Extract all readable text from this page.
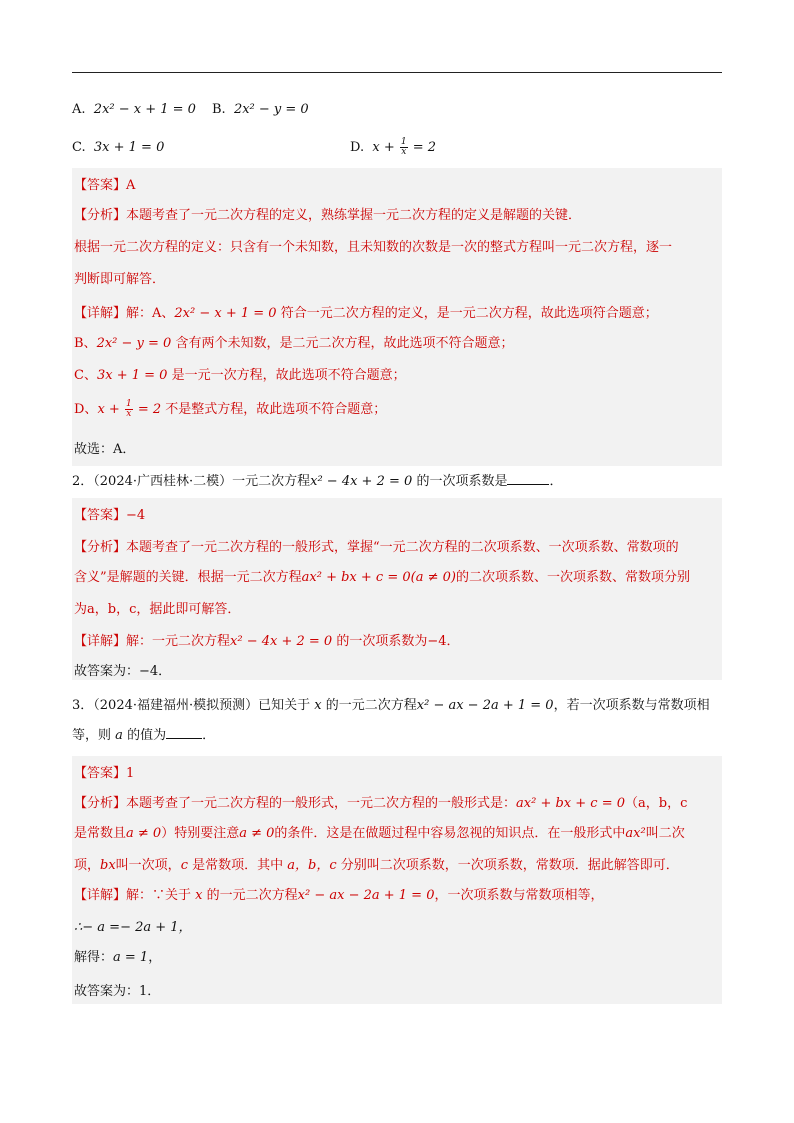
A. 2x² − x + 1 = 0 B. 2x² − y = 0
C. 3x + 1 = 0	D. $x + \frac{1}{x} = 2$
【答案】A
【分析】本题考查了一元二次方程的定义，熟练掌握一元二次方程的定义是解题的关键．
根据一元二次方程的定义：只含有一个未知数，且未知数的次数是一次的整式方程叫一元二次方程，逐一
判断即可解答．
【详解】解：A、2x² − x + 1 = 0 符合一元二次方程的定义，是一元二次方程，故此选项符合题意；
B、2x² − y = 0 含有两个未知数，是二元二次方程，故此选项不符合题意；
C、3x + 1 = 0 是一元一次方程，故此选项不符合题意；
D、$x + \frac{1}{x} = 2$ 不是整式方程，故此选项不符合题意；
故选：A．
2．（2024·广西桂林·二模）一元二次方程x² − 4x + 2 = 0 的一次项系数是	．
【答案】−4
【分析】本题考查了一元二次方程的一般形式，掌握“一元二次方程的二次项系数、一次项系数、常数项的
含义”是解题的关键．根据一元二次方程ax² + bx + c = 0(a ≠ 0)的二次项系数、一次项系数、常数项分别
为a，b，c，据此即可解答．
【详解】解：一元二次方程x² − 4x + 2 = 0 的一次项系数为−4．
故答案为：−4．
3．（2024·福建福州·模拟预测）已知关于 x 的一元二次方程x² − ax − 2a + 1 = 0，若一次项系数与常数项相
等，则 a 的值为	．
【答案】1
【分析】本题考查了一元二次方程的一般形式，一元二次方程的一般形式是：ax² + bx + c = 0（a，b，c
是常数且a ≠ 0）特别要注意a ≠ 0的条件．这是在做题过程中容易忽视的知识点．在一般形式中ax²叫二次
项，bx叫一次项，c 是常数项．其中 a，b，c 分别叫二次项系数，一次项系数，常数项．据此解答即可．
【详解】解：∵关于 x 的一元二次方程x² − ax − 2a + 1 = 0，一次项系数与常数项相等，
∴− a =− 2a + 1，
解得：a = 1，
故答案为：1．
